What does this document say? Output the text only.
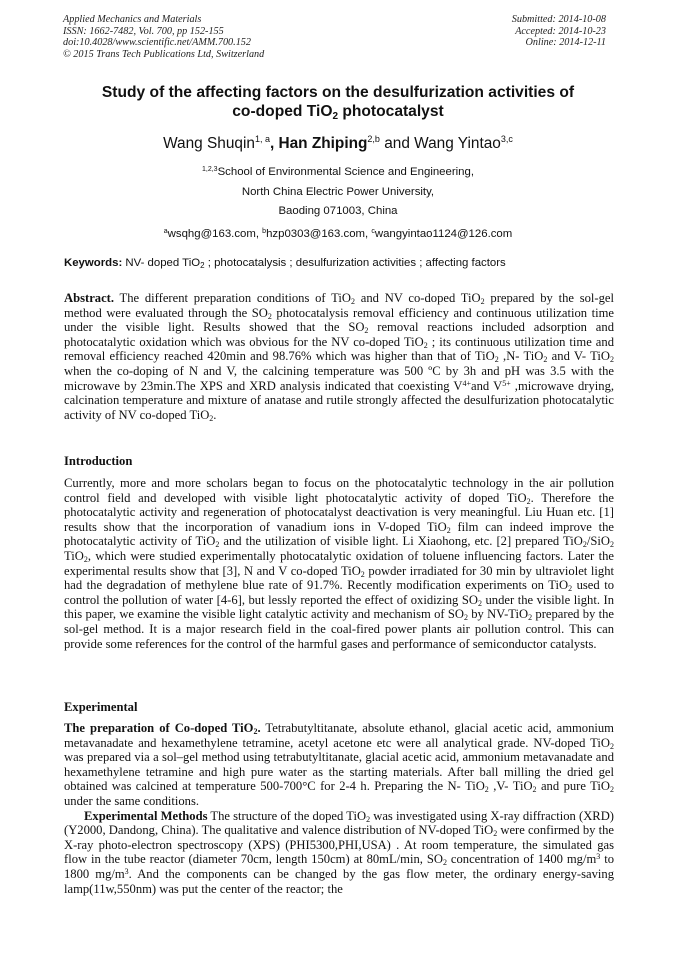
Applied Mechanics and Materials
ISSN: 1662-7482, Vol. 700, pp 152-155
doi:10.4028/www.scientific.net/AMM.700.152
© 2015 Trans Tech Publications Ltd, Switzerland
Submitted: 2014-10-08
Accepted: 2014-10-23
Online: 2014-12-11
Study of the affecting factors on the desulfurization activities of
co-doped TiO$_2$ photocatalyst
Wang Shuqin$^{1, a}$, Han Zhiping$^{2,b}$ and Wang Yintao$^{3,c}$
$^{1,2,3}$School of Environmental Science and Engineering,
North China Electric Power University,
Baoding 071003, China
$^a$wsqhg@163.com, $^b$hzp0303@163.com, $^c$wangyintao1124@126.com
Keywords: NV- doped TiO$_2$ ; photocatalysis ; desulfurization activities ; affecting factors
Abstract. The different preparation conditions of TiO$_2$ and NV co-doped TiO$_2$ prepared by the sol-gel method were evaluated through the $SO_2$ photocatalysis removal efficiency and continuous utilization time under the visible light. Results showed that the $SO_2$ removal reactions included adsorption and photocatalytic oxidation which was obvious for the NV co-doped TiO$_2$ ; its continuous utilization time and removal efficiency reached 420min and 98.76% which was higher than that of TiO$_2$ ,N- TiO$_2$ and V- TiO$_2$ when the co-doping of N and V, the calcining temperature was 500 ºC by 3h and pH was 3.5 with the microwave by 23min.The XPS and XRD analysis indicated that coexisting $V^{4+}and$ $V^{5+}$ ,microwave drying, calcination temperature and mixture of anatase and rutile strongly affected the desulfurization photocatalytic activity of NV co-doped TiO$_2$.
Introduction
Currently, more and more scholars began to focus on the photocatalytic technology in the air pollution control field and developed with visible light photocatalytic activity of doped TiO$_2$. Therefore the photocatalytic activity and regeneration of photocatalyst deactivation is very meaningful. Liu Huan etc. [1] results show that the incorporation of vanadium ions in V-doped TiO$_2$ film can indeed improve the photocatalytic activity of TiO$_2$ and the utilization of visible light. Li Xiaohong, etc. [2] prepared TiO$_2$/SiO$_2$ TiO$_2$, which were studied experimentally photocatalytic oxidation of toluene influencing factors. Later the experimental results show that [3], N and V co-doped TiO$_2$ powder irradiated for 30 min by ultraviolet light had the degradation of methylene blue rate of 91.7%. Recently modification experiments on TiO$_2$ used to control the pollution of water [4-6], but lessly reported the effect of oxidizing $SO_2$ under the visible light. In this paper, we examine the visible light catalytic activity and mechanism of $SO_2$ by NV-TiO$_2$ prepared by the sol-gel method. It is a major research field in the coal-fired power plants air pollution control. This can provide some references for the control of the harmful gases and performance of semiconductor catalysts.
Experimental
The preparation of Co-doped TiO$_2$. Tetrabutyltitanate, absolute ethanol, glacial acetic acid, ammonium metavanadate and hexamethylene tetramine, acetyl acetone etc were all analytical grade. NV-doped TiO$_2$ was prepared via a sol–gel method using tetrabutyltitanate, glacial acetic acid, ammonium metavanadate and hexamethylene tetramine and high pure water as the starting materials. After ball milling the dried gel obtained was calcined at temperature 500-700°C for 2-4 h. Preparing the N- TiO$_2$ ,V- TiO$_2$ and pure TiO$_2$ under the same conditions.
Experimental Methods The structure of the doped TiO$_2$ was investigated using X-ray diffraction (XRD) (Y2000, Dandong, China). The qualitative and valence distribution of NV-doped TiO$_2$ were confirmed by the X-ray photo-electron spectroscopy (XPS) (PHI5300,PHI,USA) . At room temperature, the simulated gas flow in the tube reactor (diameter 70cm, length 150cm) at 80mL/min, $SO_2$ concentration of 1400 $mg/m^3$ to 1800 $mg/m^3$. And the components can be changed by the gas flow meter, the ordinary energy-saving lamp(11w,550nm) was put the center of the reactor; the
